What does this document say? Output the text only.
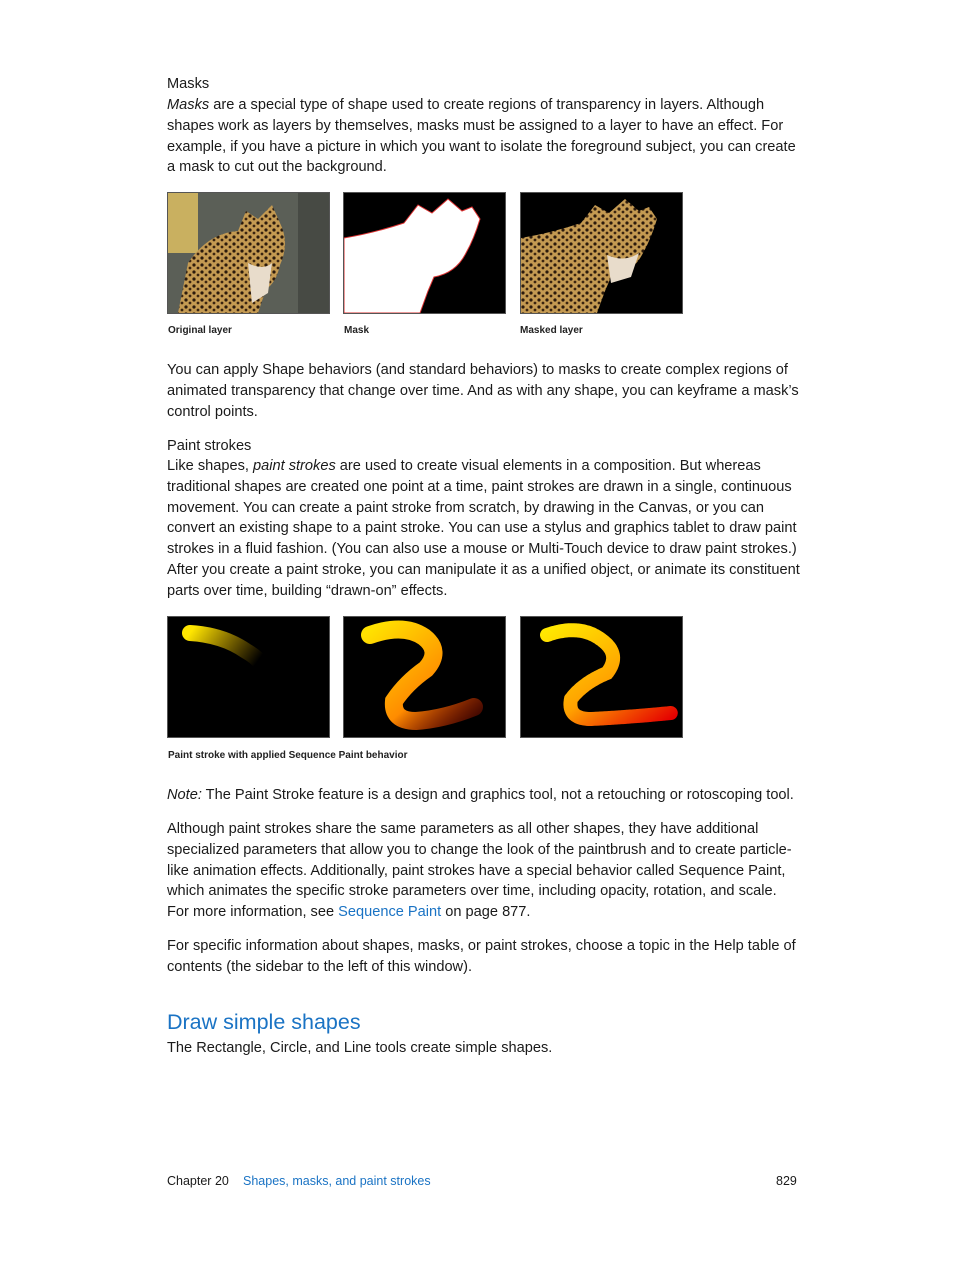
Masks

Masks are a special type of shape used to create regions of transparency in layers. Although shapes work as layers by themselves, masks must be assigned to a layer to have an effect. For example, if you have a picture in which you want to isolate the foreground subject, you can create a mask to cut out the background.

Original layer	Mask	Masked layer

You can apply Shape behaviors (and standard behaviors) to masks to create complex regions of animated transparency that change over time. And as with any shape, you can keyframe a mask’s control points.

Paint strokes

Like shapes, paint strokes are used to create visual elements in a composition. But whereas traditional shapes are created one point at a time, paint strokes are drawn in a single, continuous movement. You can create a paint stroke from scratch, by drawing in the Canvas, or you can convert an existing shape to a paint stroke. You can use a stylus and graphics tablet to draw paint strokes in a fluid fashion. (You can also use a mouse or Multi-Touch device to draw paint strokes.) After you create a paint stroke, you can manipulate it as a unified object, or animate its constituent parts over time, building “drawn-on” effects.

Paint stroke with applied Sequence Paint behavior

Note: The Paint Stroke feature is a design and graphics tool, not a retouching or rotoscoping tool.

Although paint strokes share the same parameters as all other shapes, they have additional specialized parameters that allow you to change the look of the paintbrush and to create particle-like animation effects. Additionally, paint strokes have a special behavior called Sequence Paint, which animates the specific stroke parameters over time, including opacity, rotation, and scale. For more information, see Sequence Paint on page 877.

For specific information about shapes, masks, or paint strokes, choose a topic in the Help table of contents (the sidebar to the left of this window).

Draw simple shapes

The Rectangle, Circle, and Line tools create simple shapes.

Chapter 20 Shapes, masks, and paint strokes	829
